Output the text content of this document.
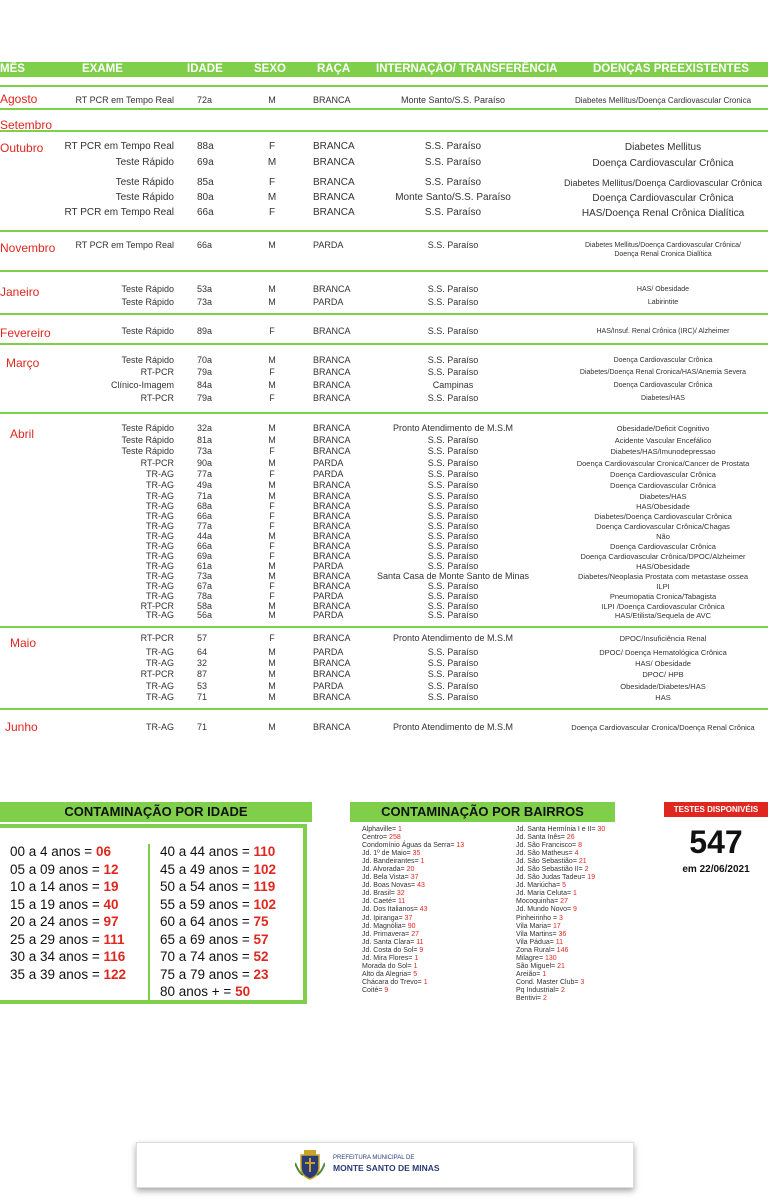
MÊS	EXAME	IDADE	SEXO	RAÇA INTERNAÇÃO/ TRANSFERÊNCIA	DOENÇAS PREEXISTENTES
Agosto	RT PCR em Tempo Real	72a	M	BRANCA	Monte Santo/S.S. Paraíso	Diabetes Mellitus/Doença Cardiovascular Cronica
Setembro
Outubro	RT PCR em Tempo Real 88a	F	BRANCA	S.S. Paraíso	Diabetes Mellitus
Teste Rápido 69a	M	BRANCA	S.S. Paraíso	Doença Cardiovascular Crônica
Teste Rápido 85a	F	BRANCA	S.S. Paraíso	Diabetes Mellitus/Doença Cardiovascular Crônica
Teste Rápido 80a	M	BRANCA	Monte Santo/S.S. Paraíso	Doença Cardiovascular Crônica
RT PCR em Tempo Real 66a	F	BRANCA	S.S. Paraíso	HAS/Doença Renal Crônica Dialítica
Novembro	RT PCR em Tempo Real	66a	M	PARDA	S.S. Paraíso	Diabetes Mellitus/Doença Cardiovascular Crônica/
Doença Renal Cronica Dialítica
Janeiro	Teste Rápido	53a	M	BRANCA	S.S. Paraíso	HAS/ Obesidade
Teste Rápido	73a	M	PARDA	S.S. Paraíso	Labirintite
Fevereiro	Teste Rápido	89a	F	BRANCA	S.S. Paraíso	HAS/Insuf. Renal Crônica (IRC)/ Alzheimer
Março	Teste Rápido	70a	M	BRANCA	S.S. Paraíso	Doença Cardiovascular Crônica
RT-PCR	79a	F	BRANCA	S.S. Paraíso	Diabetes/Doença Renal Cronica/HAS/Anemia Severa
Clínico-Imagem	84a	M	BRANCA	Campinas	Doença Cardiovascular Crônica
RT-PCR	79a	F	BRANCA	S.S. Paraíso	Diabetes/HAS
Abril	Teste Rápido	32a	M	BRANCA	Pronto Atendimento de M.S.M	Obesidade/Deficit Cognitivo
Teste Rápido	81a	M	BRANCA	S.S. Paraíso	Acidente Vascular Encefálico
Teste Rápido	73a	F	BRANCA	S.S. Paraíso	Diabetes/HAS/Imunodepressao
RT-PCR	90a	M	PARDA	S.S. Paraíso	Doença Cardiovascular Cronica/Cancer de Prostata
TR-AG	77a	F	PARDA	S.S. Paraíso	Doença Cardiovascular Crônica
TR-AG	49a	M	BRANCA	S.S. Paraíso	Doença Cardiovascular Crônica
TR-AG	71a	M	BRANCA	S.S. Paraíso	Diabetes/HAS
TR-AG	68a	F	BRANCA	S.S. Paraíso	HAS/Obesidade
TR-AG	66a	F	BRANCA	S.S. Paraíso	Diabetes/Doença Cardiovascular Crônica
TR-AG	77a	F	BRANCA	S.S. Paraíso	Doença Cardiovascular Crônica/Chagas
TR-AG	44a	M	BRANCA	S.S. Paraíso	Não
TR-AG	66a	F	BRANCA	S.S. Paraíso	Doença Cardiovascular Crônica
TR-AG	69a	F	BRANCA	S.S. Paraíso	Doença Cardiovascular Crônica/DPOC/Alzheimer
TR-AG	61a	M	PARDA	S.S. Paraíso	HAS/Obesidade
TR-AG	73a	M	BRANCA	Santa Casa de Monte Santo de Minas	Diabetes/Neoplasia Prostata com metastase ossea
TR-AG	67a	F	BRANCA	S.S. Paraíso	ILPI
TR-AG	78a	F	PARDA	S.S. Paraíso	Pneumopatia Cronica/Tabagista
RT-PCR	58a	M	BRANCA	S.S. Paraíso	ILPI /Doença Cardiovascular Crônica
TR-AG	56a	M	PARDA	S.S. Paraíso	HAS/Etilista/Sequela de AVC
Maio	RT-PCR	57	F	BRANCA	Pronto Atendimento de M.S.M	DPOC/Insuficiência Renal
TR-AG	64	M	PARDA	S.S. Paraíso	DPOC/ Doença Hematológica Crônica
TR-AG	32	M	BRANCA	S.S. Paraíso	HAS/ Obesidade
RT-PCR	87	M	BRANCA	S.S. Paraíso	DPOC/ HPB
TR-AG	53	M	PARDA	S.S. Paraíso	Obesidade/Diabetes/HAS
TR-AG	71	M	BRANCA	S.S. Paraíso	HAS
Junho	TR-AG	71	M	BRANCA	Pronto Atendimento de M.S.M	Doença Cardiovascular Cronica/Doença Renal Crônica
CONTAMINAÇÃO POR IDADE
00 a 4 anos = 06
05 a 09 anos = 12
10 a 14 anos = 19
15 a 19 anos = 40
20 a 24 anos = 97
25 a 29 anos = 111
30 a 34 anos = 116
35 a 39 anos = 122
40 a 44 anos = 110
45 a 49 anos = 102
50 a 54 anos = 119
55 a 59 anos = 102
60 a 64 anos = 75
65 a 69 anos = 57
70 a 74 anos = 52
75 a 79 anos = 23
80 anos + = 50
CONTAMINAÇÃO POR BAIRROS
Alphaville= 1
Centro= 258
Condomínio Águas da Serra= 13
Jd. 1º de Maio= 35
Jd. Bandeirantes= 1
Jd. Alvorada= 20
Jd. Bela Vista= 37
Jd. Boas Novas= 43
Jd. Brasil= 32
Jd. Caeté= 11
Jd. Dos Italianos= 43
Jd. Ipiranga= 37
Jd. Magnólia= 90
Jd. Primavera= 27
Jd. Santa Clara= 11
Jd. Costa do Sol= 9
Jd. Mira Flores= 1
Morada do Sol= 1
Alto da Alegria= 5
Chácara do Trevo= 1
Coité= 9
Jd. Santa Hermínia I e II= 30
Jd. Santa Inês= 26
Jd. São Francisco= 8
Jd. São Matheus= 4
Jd. São Sebastião= 21
Jd. São Sebastião II= 2
Jd. São Judas Tadeu= 19
Jd. Mariúcha= 5
Jd. Maria Celuta= 1
Mocoquinha= 27
Jd. Mundo Novo= 9
Pinheirinho = 3
Vila Maria= 17
Vila Martins= 36
Vila Pádua= 11
Zona Rural= 146
Milagre= 130
São Miguel= 21
Areião= 1
Cond. Master Club= 3
Pq Industrial= 2
Bentivi= 2
TESTES DISPONIVÉIS
547
em 22/06/2021
PREFEITURA MUNICIPAL DE
MONTE SANTO DE MINAS
